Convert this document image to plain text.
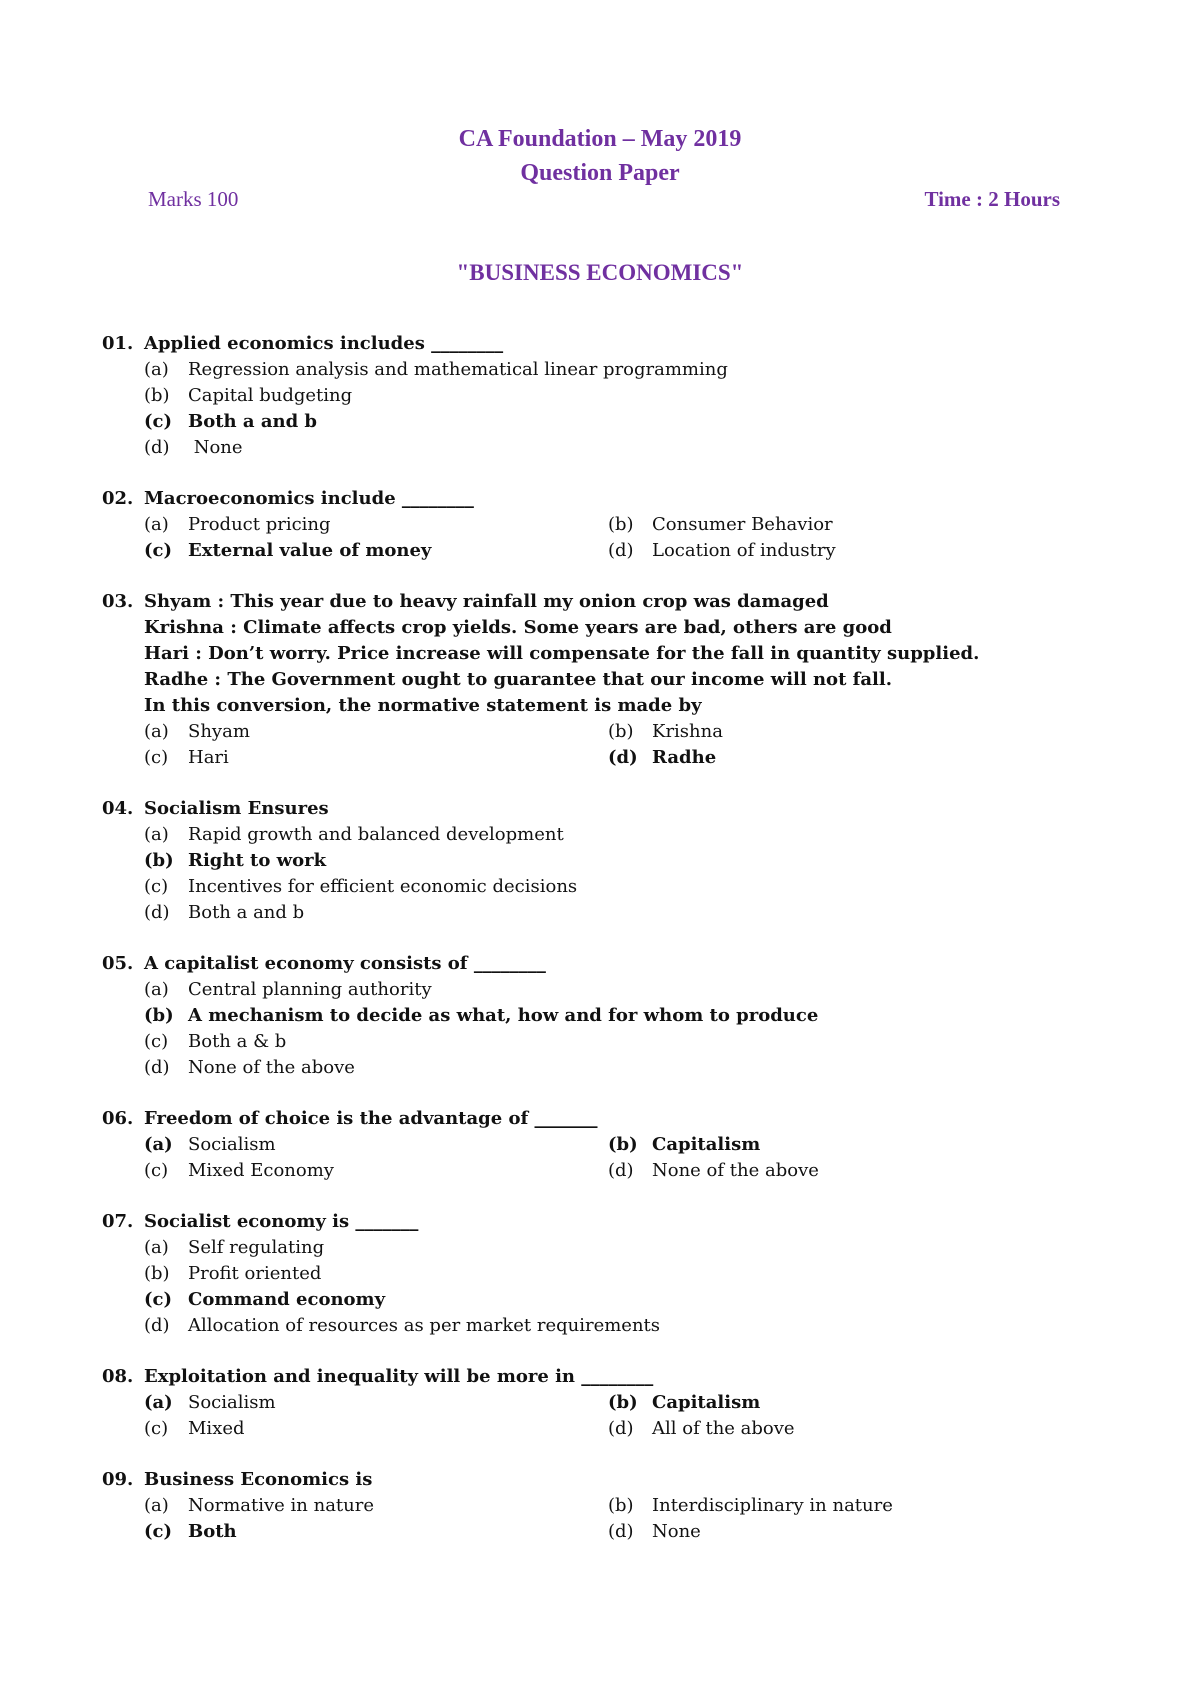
CA Foundation – May 2019
Question Paper
Marks 100	Time : 2 Hours
"BUSINESS ECONOMICS"
01. Applied economics includes ________
(a)	Regression analysis and mathematical linear programming
(b)	Capital budgeting
(c) Both a and b
(d)	None
02. Macroeconomics include ________
(a)	Product pricing	(b)	Consumer Behavior
(c) External value of money	(d)	Location of industry
03. Shyam : This year due to heavy rainfall my onion crop was damaged
Krishna : Climate affects crop yields. Some years are bad, others are good
Hari : Don’t worry. Price increase will compensate for the fall in quantity supplied.
Radhe : The Government ought to guarantee that our income will not fall.
In this conversion, the normative statement is made by
(a)	Shyam	(b)	Krishna
(c)	Hari	(d) Radhe
04. Socialism Ensures
(a)	Rapid growth and balanced development
(b) Right to work
(c)	Incentives for efficient economic decisions
(d)	Both a and b
05. A capitalist economy consists of ________
(a)	Central planning authority
(b) A mechanism to decide as what, how and for whom to produce
(c)	Both a & b
(d)	None of the above
06. Freedom of choice is the advantage of _______
(a) Socialism	(b) Capitalism
(c)	Mixed Economy	(d)	None of the above
07. Socialist economy is _______
(a)	Self regulating
(b)	Profit oriented
(c) Command economy
(d)	Allocation of resources as per market requirements
08. Exploitation and inequality will be more in ________
(a) Socialism	(b) Capitalism
(c)	Mixed	(d)	All of the above
09. Business Economics is
(a)	Normative in nature	(b)	Interdisciplinary in nature
(c) Both	(d)	None
